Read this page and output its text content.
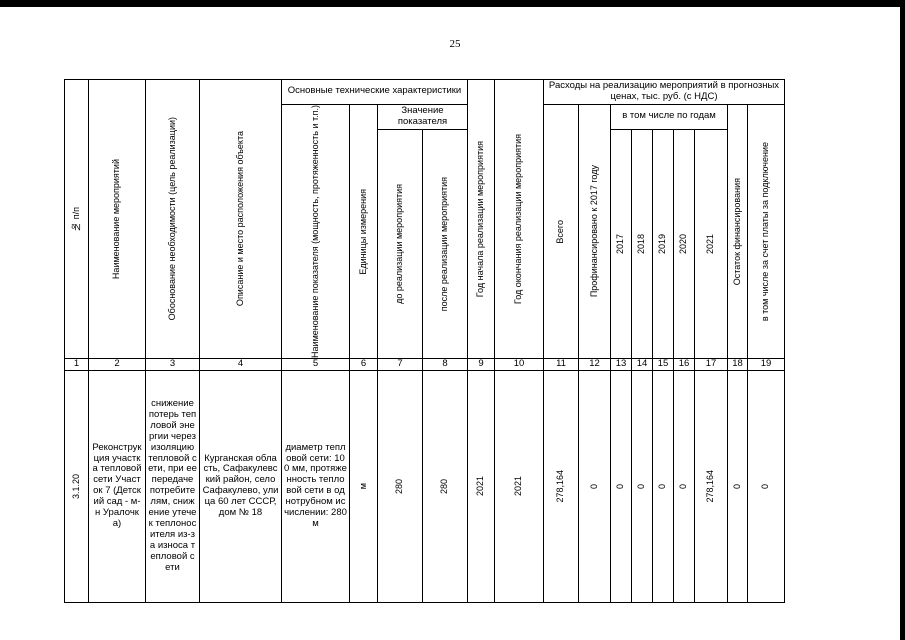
25
№ п/п	Наименование мероприятий	Обоснование необходимости (цель реализации)	Описание и место расположения объекта	Основные технические характеристики				Год начала реализации мероприятия	Год окончания реализации мероприятия	Расходы на реализацию мероприятий в прогнозных ценах, тыс. руб. (с НДС)								

				Наименование показателя (мощность, протяженность и т.п.)	Единицы измерения	Значение показателя				Всего	Профинансировано к 2017 году	в том числе по годам					Остаток финансирования	в том числе за счет платы за подключение

						до реализации мероприятия	после реализации мероприятия					2017	2018	2019	2020	2021		

1	2	3	4	5	6	7	8	9	10	11	12	13	14	15	16	17	18	19

3.1.20	Реконструкция участка тепловой сети Участок 7 (Детский сад - м-н Уралочка)	снижение потерь тепловой энергии через изоляцию тепловой сети, при ее передаче потребителям, снижение утечек теплоносителя из-за износа тепловой сети	Курганская область, Сафакулевский район, село Сафакулево, улица 60 лет СССР, дом № 18	диаметр тепловой сети: 100 мм, протяженность тепловой сети в однотрубном исчислении: 280 м	м	280	280	2021	2021	278,164	0	0	0	0	0	278,164	0	0
